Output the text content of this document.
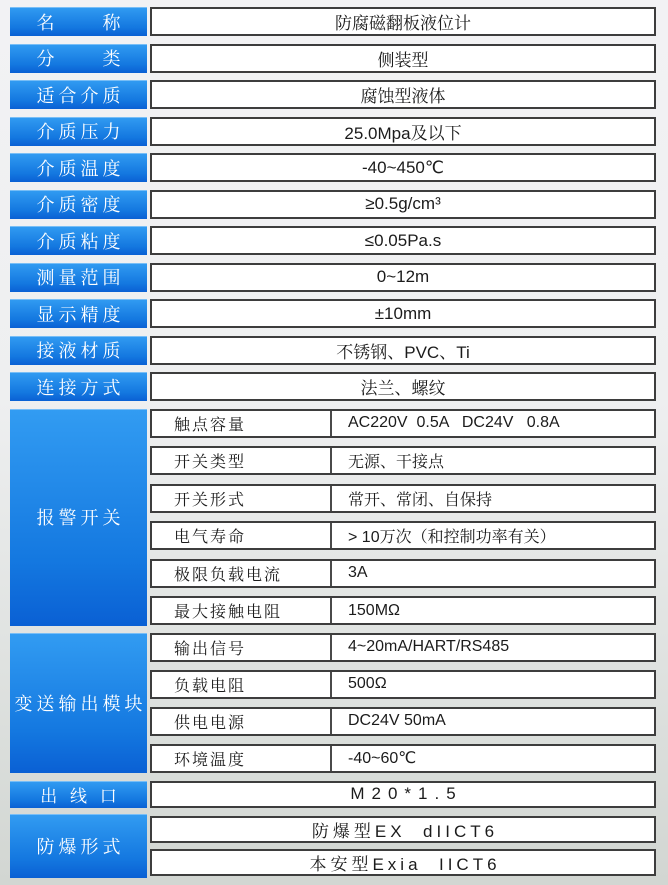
名　　称	防腐磁翻板液位计
分　　类	侧装型
适合介质	腐蚀型液体
介质压力	25.0Mpa及以下
介质温度	-40~450℃
介质密度	≥0.5g/cm³
介质粘度	≤0.05Pa.s
测量范围	0~12m
显示精度	±10mm
接液材质	不锈钢、PVC、Ti
连接方式	法兰、螺纹
报警开关
触点容量	AC220V  0.5A   DC24V   0.8A
开关类型	无源、干接点
开关形式	常开、常闭、自保持
电气寿命	> 10万次（和控制功率有关）
极限负载电流	3A
最大接触电阻	150MΩ
变送输出模块
输出信号	4~20mA/HART/RS485
负载电阻	500Ω
供电电源	DC24V 50mA
环境温度	-40~60℃
出 线 口	M20*1.5
防爆形式
防爆型EX  dIICT6
本安型Exia  IICT6
